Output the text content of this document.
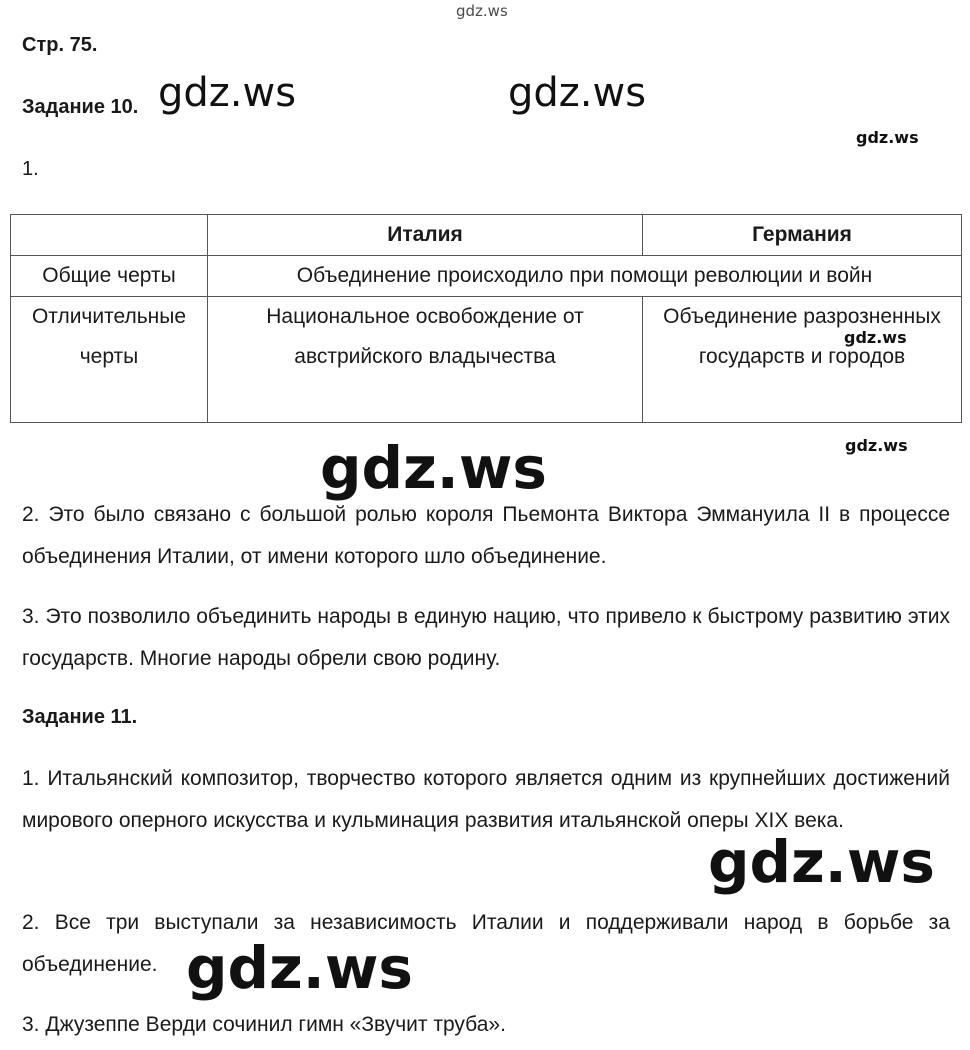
gdz.ws
Стр. 75.
Задание 10. gdz.ws	gdz.ws
gdz.ws
1.
	Италия	Германия
Общие черты	Объединение происходило при помощи революции и войн	
Отличительные черты	Национальное освобождение от австрийского владычества	Объединение разрозненных государств и городов
gdz.ws
gdz.ws
gdz.ws
2. Это было связано с большой ролью короля Пьемонта Виктора Эммануила II в процессе объединения Италии, от имени которого шло объединение.
3. Это позволило объединить народы в единую нацию, что привело к быстрому развитию этих государств. Многие народы обрели свою родину.
Задание 11.
1. Итальянский композитор, творчество которого является одним из крупнейших достижений мирового оперного искусства и кульминация развития итальянской оперы XIX века.
gdz.ws
2. Все три выступали за независимость Италии и поддерживали народ в борьбе за объединение. gdz.ws
3. Джузеппе Верди сочинил гимн «Звучит труба».
